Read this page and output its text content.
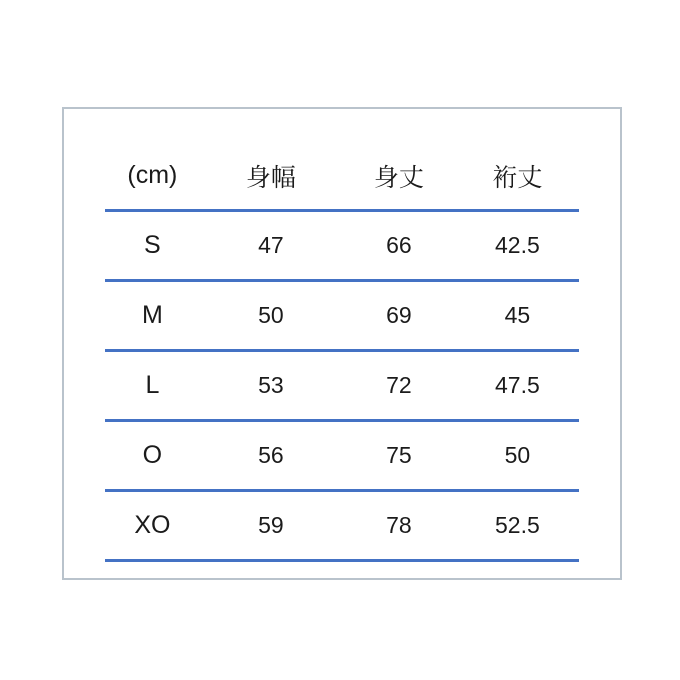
(cm)	身幅	身丈	裄丈
S	47	66	42.5
M	50	69	45
L	53	72	47.5
O	56	75	50
XO	59	78	52.5
